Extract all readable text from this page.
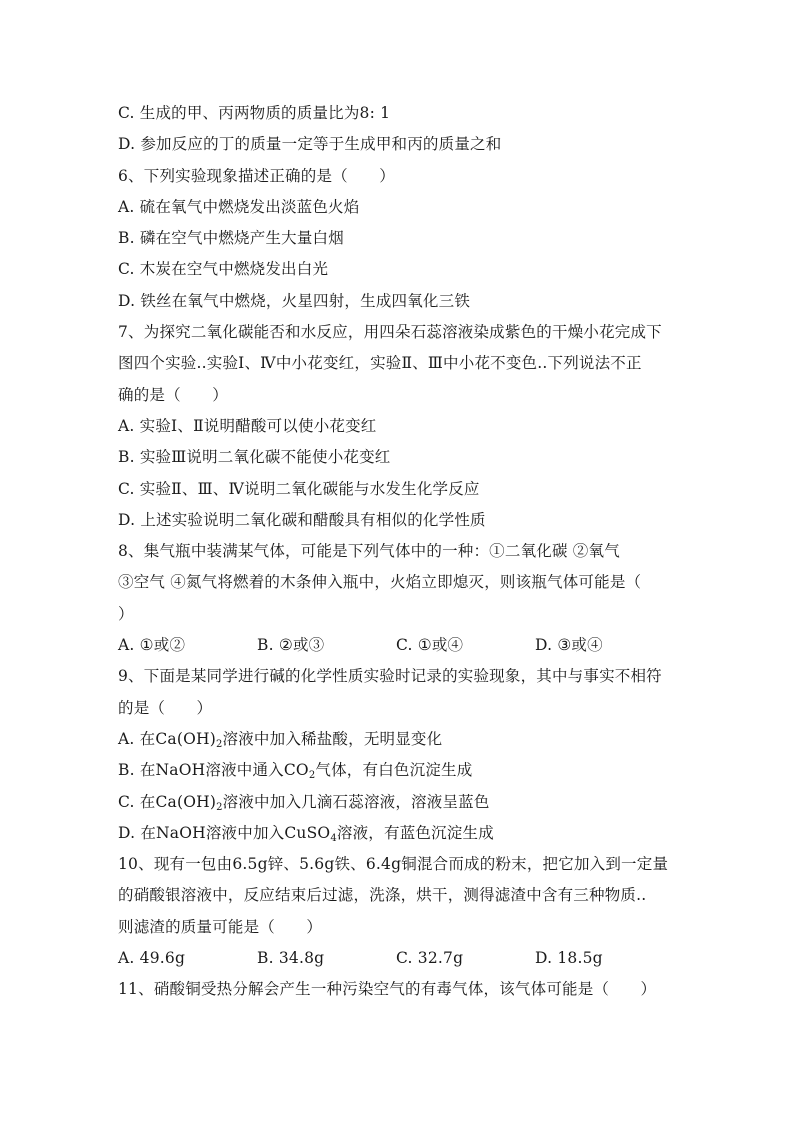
C. 生成的甲、丙两物质的质量比为8: 1
D. 参加反应的丁的质量一定等于生成甲和丙的质量之和
6、下列实验现象描述正确的是（　　）
A. 硫在氧气中燃烧发出淡蓝色火焰
B. 磷在空气中燃烧产生大量白烟
C. 木炭在空气中燃烧发出白光
D. 铁丝在氧气中燃烧，火星四射，生成四氧化三铁
7、为探究二氧化碳能否和水反应，用四朵石蕊溶液染成紫色的干燥小花完成下
图四个实验..实验Ⅰ、Ⅳ中小花变红，实验Ⅱ、Ⅲ中小花不变色..下列说法不正
确的是（　　）
A. 实验Ⅰ、Ⅱ说明醋酸可以使小花变红
B. 实验Ⅲ说明二氧化碳不能使小花变红
C. 实验Ⅱ、Ⅲ、Ⅳ说明二氧化碳能与水发生化学反应
D. 上述实验说明二氧化碳和醋酸具有相似的化学性质
8、集气瓶中装满某气体，可能是下列气体中的一种：①二氧化碳 ②氧气
③空气 ④氮气将燃着的木条伸入瓶中，火焰立即熄灭，则该瓶气体可能是（
）
A. ①或②	B. ②或③	C. ①或④	D. ③或④
9、下面是某同学进行碱的化学性质实验时记录的实验现象，其中与事实不相符
的是（　　）
A. 在$Ca(OH)_2$溶液中加入稀盐酸，无明显变化
B. 在NaOH溶液中通入$CO_2$气体，有白色沉淀生成
C. 在$Ca(OH)_2$溶液中加入几滴石蕊溶液，溶液呈蓝色
D. 在NaOH溶液中加入CuSO$_4$溶液，有蓝色沉淀生成
10、现有一包由6.5g锌、5.6g铁、6.4g铜混合而成的粉末，把它加入到一定量
的硝酸银溶液中，反应结束后过滤，洗涤，烘干，测得滤渣中含有三种物质..
则滤渣的质量可能是（　　）
A. 49.6g	B. 34.8g	C. 32.7g	D. 18.5g
11、硝酸铜受热分解会产生一种污染空气的有毒气体，该气体可能是（　　）
